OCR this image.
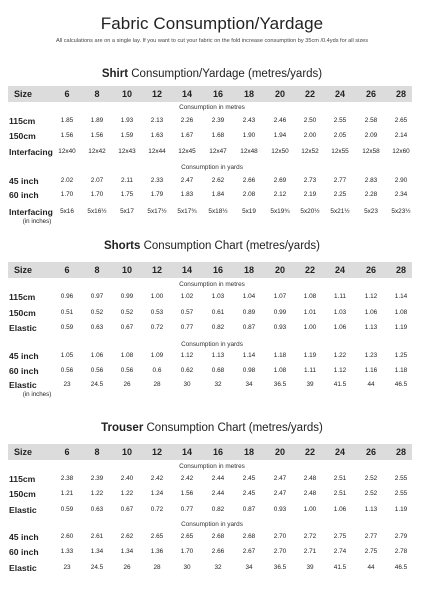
Fabric Consumption/Yardage
All calculations are on a single lay. If you want to cut your fabric on the fold increase consumption by 35cm /0.4yds for all sizes
Shirt Consumption/Yardage (metres/yards)
Size	6	8	10	12	14	16	18	20	22	24	26	28
Consumption in metres
Consumption in yards
115cm	1.85	1.89	1.93	2.13	2.26	2.39	2.43	2.46	2.50	2.55	2.58	2.65
150cm	1.56	1.56	1.59	1.63	1.67	1.68	1.90	1.94	2.00	2.05	2.09	2.14
Interfacing 12x40	12x42	12x43	12x44	12x45	12x47	12x48	12x50	12x52	12x55	12x58	12x60
45 inch	2.02	2.07	2.11	2.33	2.47	2.62	2.66	2.69	2.73	2.77	2.83	2.90
60 inch	1.70	1.70	1.75	1.79	1.83	1.84	2.08	2.12	2.19	2.25	2.28	2.34
Interfacing
(in inches)
5x16	5x16½	5x17	5x17½	5x17¾	5x18½	5x19	5x19¾	5x20½	5x21½	5x23	5x23½
Shorts Consumption Chart (metres/yards)
Size	6	8	10	12	14	16	18	20	22	24	26	28
Consumption in metres
Consumption in yards
115cm	0.96	0.97	0.99	1.00	1.02	1.03	1.04	1.07	1.08	1.11	1.12	1.14
150cm	0.51	0.52	0.52	0.53	0.57	0.61	0.89	0.99	1.01	1.03	1.06	1.08
Elastic	0.59	0.63	0.67	0.72	0.77	0.82	0.87	0.93	1.00	1.06	1.13	1.19
45 inch	1.05	1.06	1.08	1.09	1.12	1.13	1.14	1.18	1.19	1.22	1.23	1.25
60 inch	0.56	0.56	0.56	0.6	0.62	0.68	0.98	1.08	1.11	1.12	1.16	1.18
Elastic
(in inches)
23	24.5	26	28	30	32	34	36.5	39	41.5	44	46.5
Trouser Consumption Chart (metres/yards)
Size	6	8	10	12	14	16	18	20	22	24	26	28
Consumption in metres
Consumption in yards
115cm	2.38	2.39	2.40	2.42	2.42	2.44	2.45	2.47	2.48	2.51	2.52	2.55
150cm	1.21	1.22	1.22	1.24	1.56	2.44	2.45	2.47	2.48	2.51	2.52	2.55
Elastic	0.59	0.63	0.67	0.72	0.77	0.82	0.87	0.93	1.00	1.06	1.13	1.19
45 inch	2.60	2.61	2.62	2.65	2.65	2.68	2.68	2.70	2.72	2.75	2.77	2.79
60 inch	1.33	1.34	1.34	1.36	1.70	2.66	2.67	2.70	2.71	2.74	2.75	2.78
Elastic	23	24.5	26	28	30	32	34	36.5	39	41.5	44	46.5
